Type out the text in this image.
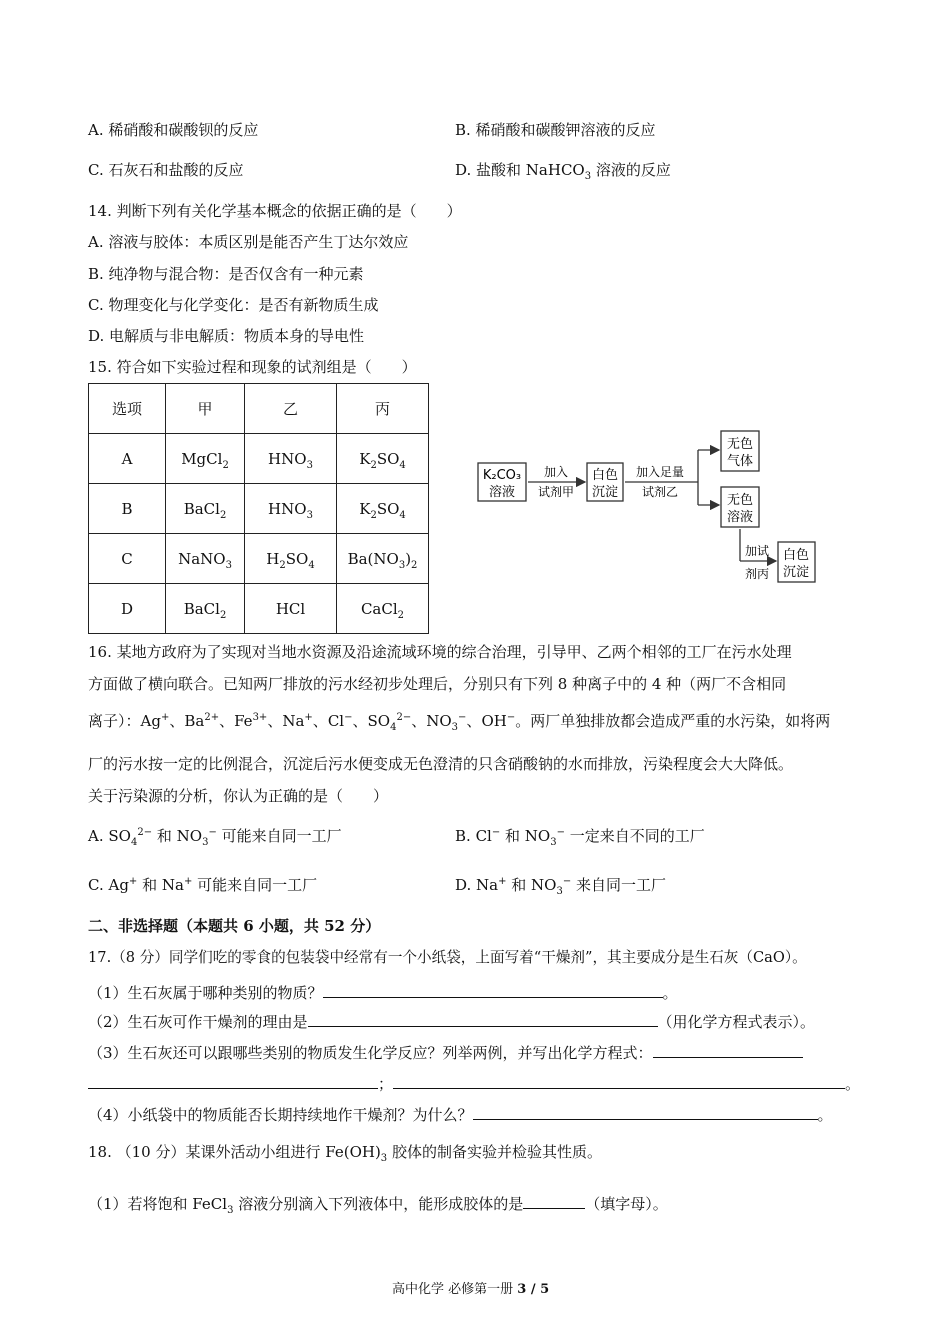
A. 稀硝酸和碳酸钡的反应	B. 稀硝酸和碳酸钾溶液的反应
C. 石灰石和盐酸的反应	D. 盐酸和 NaHCO$_3$ 溶液的反应
14. 判断下列有关化学基本概念的依据正确的是（　　）
A. 溶液与胶体：本质区别是能否产生丁达尔效应
B. 纯净物与混合物：是否仅含有一种元素
C. 物理变化与化学变化：是否有新物质生成
D. 电解质与非电解质：物质本身的导电性
15. 符合如下实验过程和现象的试剂组是（　　）
选项	甲	乙	丙
A	MgCl$_2$	$HNO_3$	$K_2SO_4$
B	BaCl$_2$	$HNO_3$	$K_2SO_4$
C	NaNO$_3$	$H_2SO_4$	$Ba(NO_3)_2$
D	BaCl$_2$	HCl	CaCl$_2$
K₂CO₃
溶液
加入
试剂甲
白色
沉淀
加入足量
试剂乙
无色
气体
无色
溶液
加试
剂丙
白色
沉淀
16. 某地方政府为了实现对当地水资源及沿途流域环境的综合治理，引导甲、乙两个相邻的工厂在污水处理
方面做了横向联合。已知两厂排放的污水经初步处理后，分别只有下列 8 种离子中的 4 种（两厂不含相同
离子）：Ag+、$Ba^{2+}$、$Fe^{3+}$、Na+、Cl−、$SO_4^{2-}$、$NO_3^-$、OH−。两厂单独排放都会造成严重的水污染，如将两
厂的污水按一定的比例混合，沉淀后污水便变成无色澄清的只含硝酸钠的水而排放，污染程度会大大降低。
关于污染源的分析，你认为正确的是（　　）
A. $SO_4^{2-}$ 和 $NO_3^-$ 可能来自同一工厂	B. Cl− 和 $NO_3^-$ 一定来自不同的工厂
C. Ag+ 和 Na+ 可能来自同一工厂	D. Na+ 和 $NO_3^-$ 来自同一工厂
二、非选择题（本题共 6 小题，共 52 分）
17.（8 分）同学们吃的零食的包装袋中经常有一个小纸袋，上面写着“干燥剂”，其主要成分是生石灰（CaO）。
（1）生石灰属于哪种类别的物质？	。
（2）生石灰可作干燥剂的理由是	（用化学方程式表示）。
（3）生石灰还可以跟哪些类别的物质发生化学反应？列举两例，并写出化学方程式：
；	。
（4）小纸袋中的物质能否长期持续地作干燥剂？为什么？	。
18. （10 分）某课外活动小组进行 $Fe(OH)_3$ 胶体的制备实验并检验其性质。
（1）若将饱和 FeCl$_3$ 溶液分别滴入下列液体中，能形成胶体的是	（填字母）。
高中化学 必修第一册 3 / 5
